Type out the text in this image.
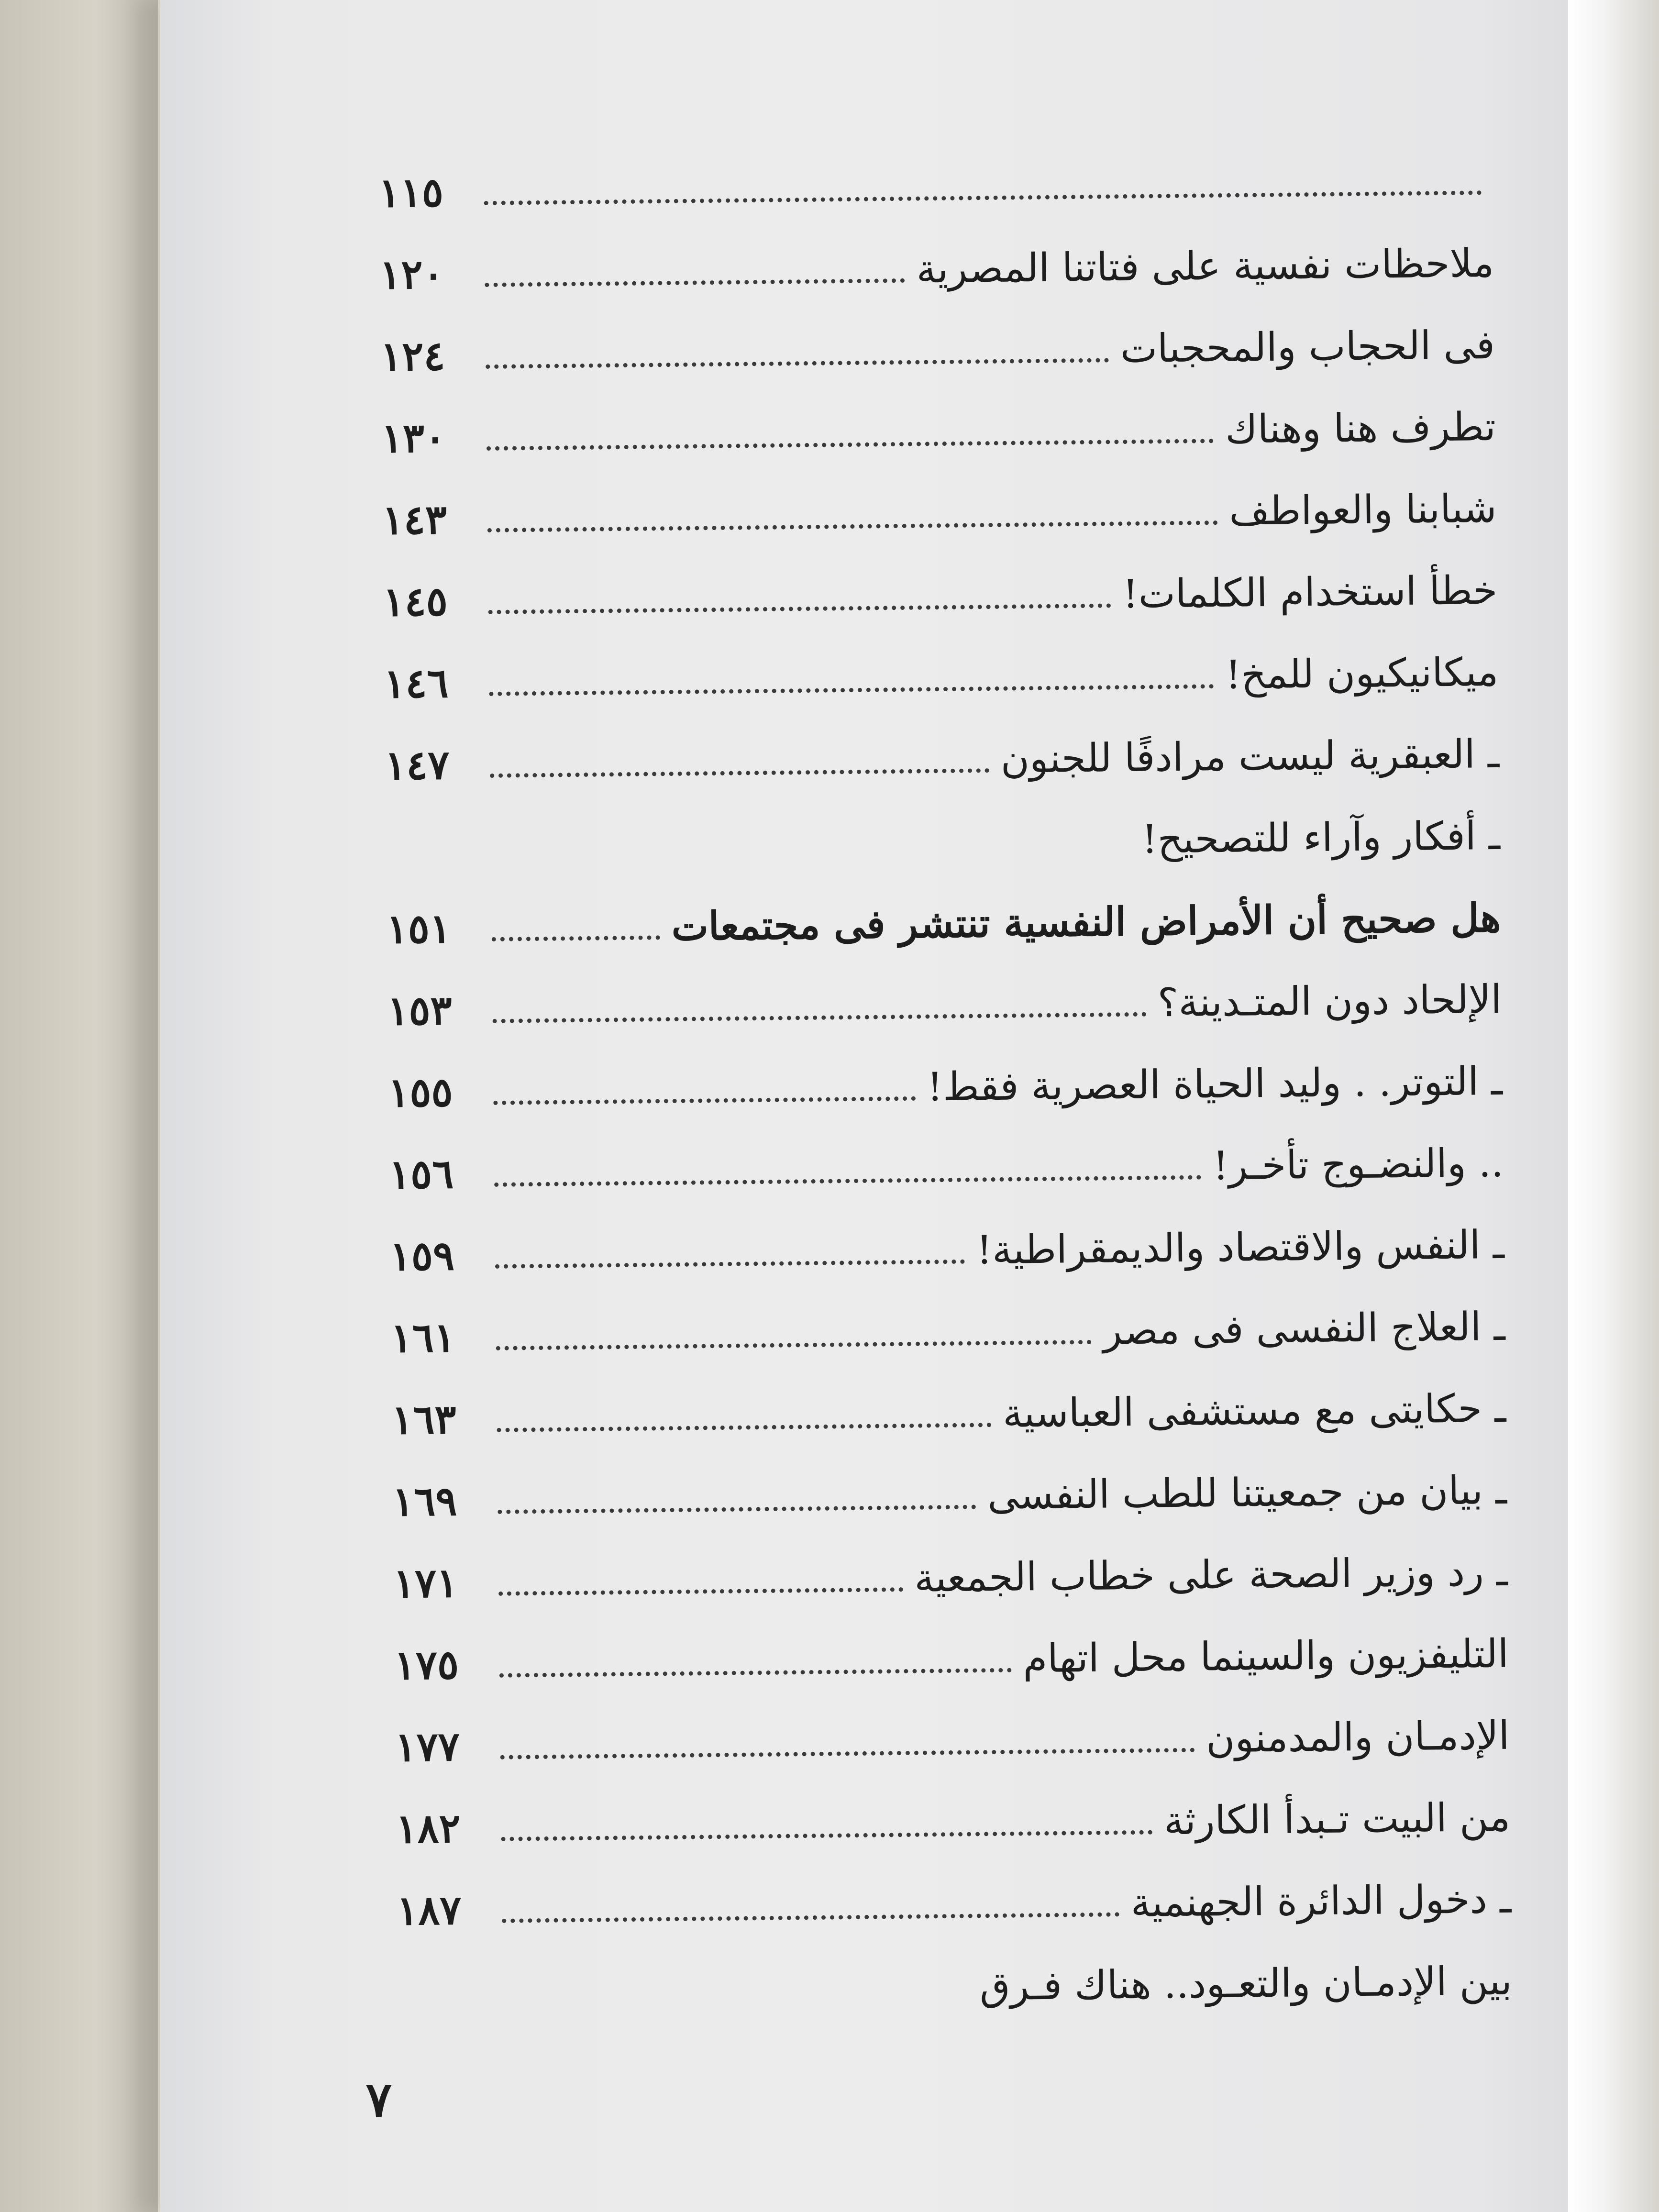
١١٥
ملاحظات نفسية على فتاتنا المصرية
١٢٠
فى الحجاب والمحجبات
١٢٤
تطرف هنا وهناك
١٣٠
شبابنا والعواطف
١٤٣
خطأ استخدام الكلمات!
١٤٥
ميكانيكيون للمخ!
١٤٦
ـ العبقرية ليست مرادفًا للجنون
١٤٧
ـ أفكار وآراء للتصحيح!
هل صحيح أن الأمراض النفسية تنتشر فى مجتمعات
١٥١
الإلحاد دون المتـدينة؟
١٥٣
ـ التوتر. . وليد الحياة العصرية فقط!
١٥٥
.. والنضـوج تأخـر!
١٥٦
ـ النفس والاقتصاد والديمقراطية!
١٥٩
ـ العلاج النفسى فى مصر
١٦١
ـ حكايتى مع مستشفى العباسية
١٦٣
ـ بيان من جمعيتنا للطب النفسى
١٦٩
ـ رد وزير الصحة على خطاب الجمعية
١٧١
التليفزيون والسينما محل اتهام
١٧٥
الإدمـان والمدمنون
١٧٧
من البيت تـبدأ الكارثة
١٨٢
ـ دخول الدائرة الجهنمية
١٨٧
بين الإدمـان والتعـود.. هناك فـرق
٧
